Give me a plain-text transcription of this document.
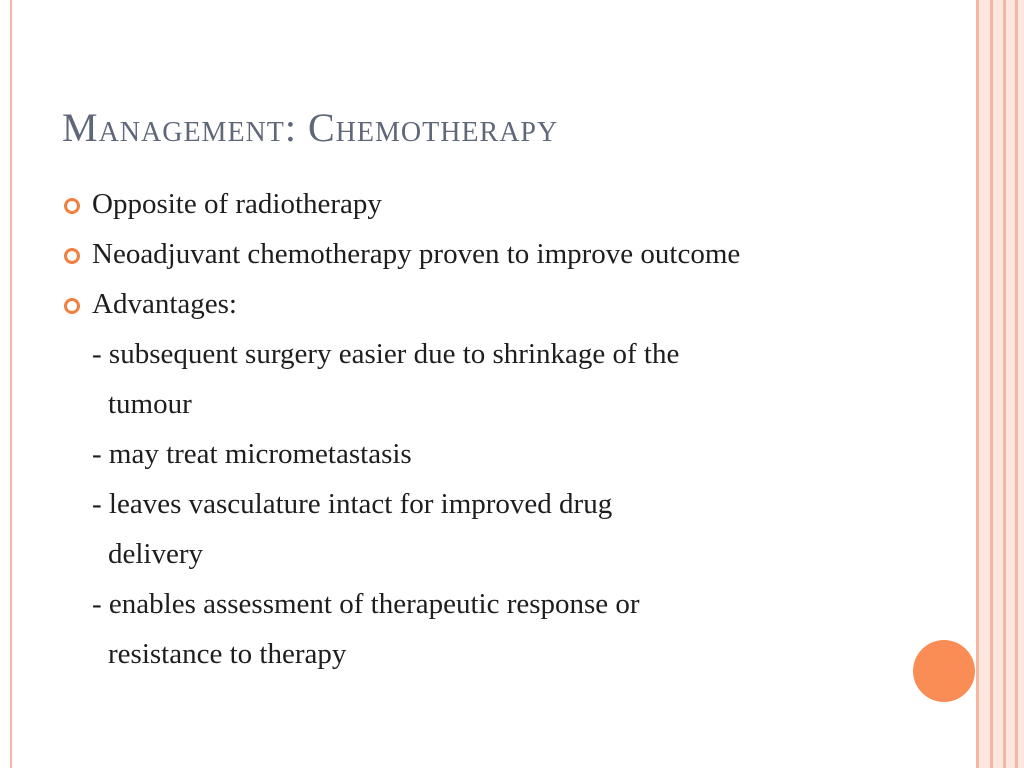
Management: Chemotherapy
Opposite of radiotherapy
Neoadjuvant chemotherapy proven to improve outcome
Advantages:
- subsequent surgery easier due to shrinkage of the
tumour
- may treat micrometastasis
- leaves vasculature intact for improved drug
delivery
- enables assessment of therapeutic response or
resistance to therapy
